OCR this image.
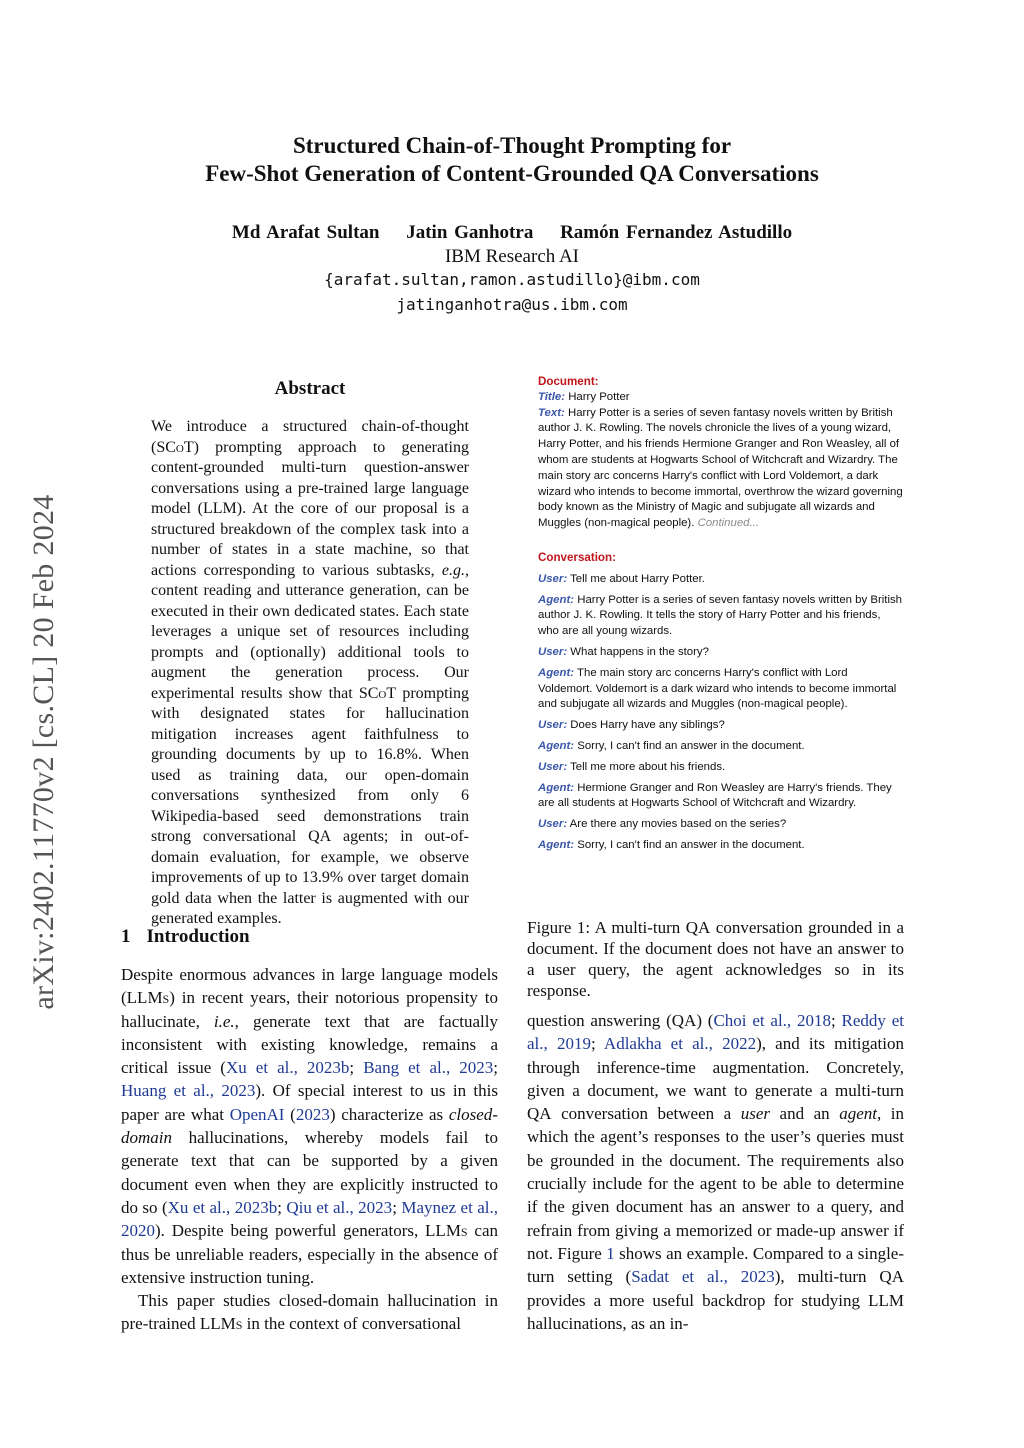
arXiv:2402.11770v2 [cs.CL] 20 Feb 2024
Structured Chain-of-Thought Prompting for
Few-Shot Generation of Content-Grounded QA Conversations
Md Arafat Sultan Jatin Ganhotra Ramón Fernandez Astudillo
IBM Research AI
{arafat.sultan,ramon.astudillo}@ibm.com
jatinganhotra@us.ibm.com
Abstract
We introduce a structured chain-of-thought (SCoT) prompting approach to generating content-grounded multi-turn question-answer conversations using a pre-trained large language model (LLM). At the core of our proposal is a structured breakdown of the complex task into a number of states in a state machine, so that actions corresponding to various subtasks, e.g., content reading and utterance generation, can be executed in their own dedicated states. Each state leverages a unique set of resources including prompts and (optionally) additional tools to augment the generation process. Our experimental results show that SCoT prompting with designated states for hallucination mitigation increases agent faithfulness to grounding documents by up to 16.8%. When used as training data, our open-domain conversations synthesized from only 6 Wikipedia-based seed demonstrations train strong conversational QA agents; in out-of-domain evaluation, for example, we observe improvements of up to 13.9% over target domain gold data when the latter is augmented with our generated examples.
1 Introduction

Despite enormous advances in large language models (LLMs) in recent years, their notorious propensity to hallucinate, i.e., generate text that are factually inconsistent with existing knowledge, remains a critical issue (Xu et al., 2023b; Bang et al., 2023; Huang et al., 2023). Of special interest to us in this paper are what OpenAI (2023) characterize as closed-domain hallucinations, whereby models fail to generate text that can be supported by a given document even when they are explicitly instructed to do so (Xu et al., 2023b; Qiu et al., 2023; Maynez et al., 2020). Despite being powerful generators, LLMs can thus be unreliable readers, especially in the absence of extensive instruction tuning.

This paper studies closed-domain hallucination in pre-trained LLMs in the context of conversational

Document:
Title: Harry Potter
Text: Harry Potter is a series of seven fantasy novels written by British author J. K. Rowling. The novels chronicle the lives of a young wizard, Harry Potter, and his friends Hermione Granger and Ron Weasley, all of whom are students at Hogwarts School of Witchcraft and Wizardry. The main story arc concerns Harry's conflict with Lord Voldemort, a dark wizard who intends to become immortal, overthrow the wizard governing body known as the Ministry of Magic and subjugate all wizards and Muggles (non-magical people). Continued...
Conversation:
User: Tell me about Harry Potter.
Agent: Harry Potter is a series of seven fantasy novels written by British author J. K. Rowling. It tells the story of Harry Potter and his friends, who are all young wizards.
User: What happens in the story?
Agent: The main story arc concerns Harry's conflict with Lord Voldemort. Voldemort is a dark wizard who intends to become immortal and subjugate all wizards and Muggles (non-magical people).
User: Does Harry have any siblings?
Agent: Sorry, I can't find an answer in the document.
User: Tell me more about his friends.
Agent: Hermione Granger and Ron Weasley are Harry's friends. They are all students at Hogwarts School of Witchcraft and Wizardry.
User: Are there any movies based on the series?
Agent: Sorry, I can't find an answer in the document.
Figure 1: A multi-turn QA conversation grounded in a document. If the document does not have an answer to a user query, the agent acknowledges so in its response.
question answering (QA) (Choi et al., 2018; Reddy et al., 2019; Adlakha et al., 2022), and its mitigation through inference-time augmentation. Concretely, given a document, we want to generate a multi-turn QA conversation between a user and an agent, in which the agent’s responses to the user’s queries must be grounded in the document. The requirements also crucially include for the agent to be able to determine if the given document has an answer to a query, and refrain from giving a memorized or made-up answer if not. Figure 1 shows an example. Compared to a single-turn setting (Sadat et al., 2023), multi-turn QA provides a more useful backdrop for studying LLM hallucinations, as an in-
